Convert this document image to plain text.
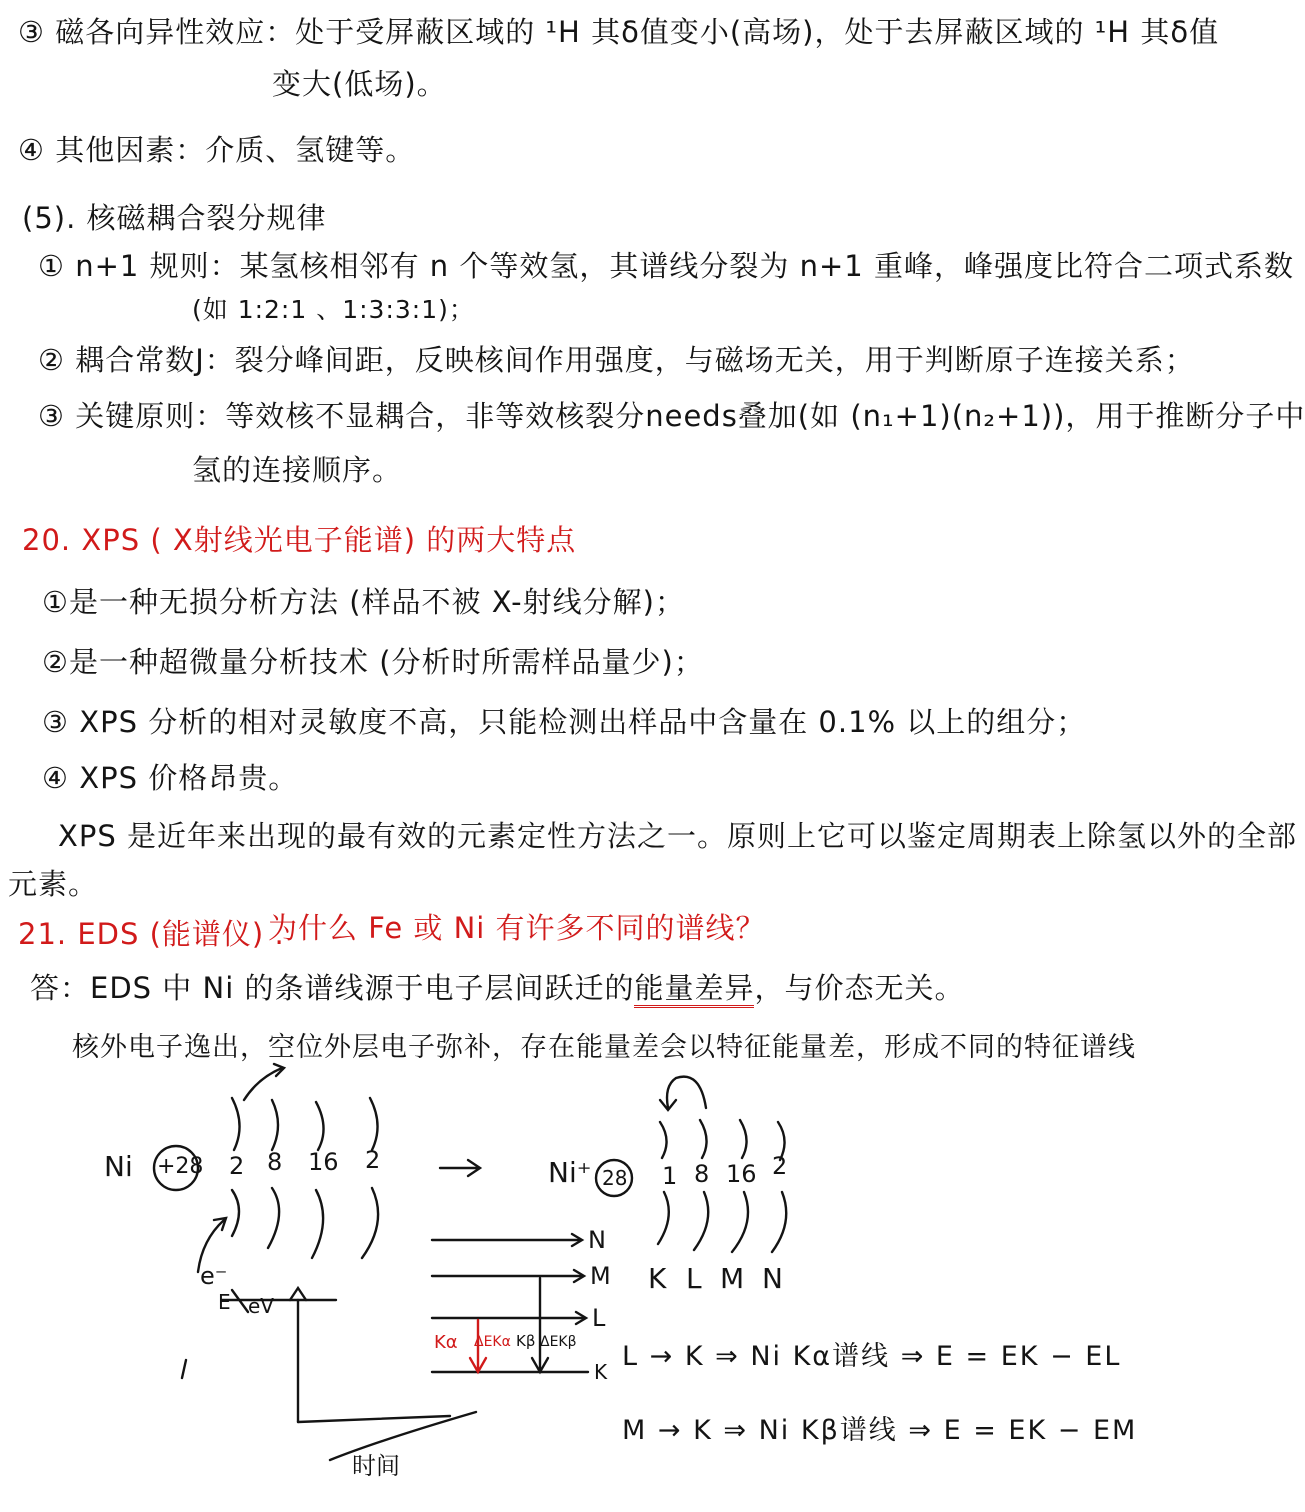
③ 磁各向异性效应：处于受屏蔽区域的 ¹H 其δ值变小(高场)，处于去屏蔽区域的 ¹H 其δ值
变大(低场)。
④ 其他因素：介质、氢键等。
(5). 核磁耦合裂分规律
① n+1 规则：某氢核相邻有 n 个等效氢，其谱线分裂为 n+1 重峰，峰强度比符合二项式系数
(如 1:2:1 、1:3:3:1)；
② 耦合常数J：裂分峰间距，反映核间作用强度，与磁场无关，用于判断原子连接关系；
③ 关键原则：等效核不显耦合，非等效核裂分needs叠加(如 (n₁+1)(n₂+1))，用于推断分子中
氢的连接顺序。
20. XPS ( X射线光电子能谱) 的两大特点
①是一种无损分析方法 (样品不被 X-射线分解)；
②是一种超微量分析技术 (分析时所需样品量少)；
③ XPS 分析的相对灵敏度不高，只能检测出样品中含量在 0.1% 以上的组分；
④ XPS 价格昂贵。
XPS 是近年来出现的最有效的元素定性方法之一。原则上它可以鉴定周期表上除氢以外的全部
元素。
21. EDS (能谱仪) .
为什么 Fe 或 Ni 有许多不同的谱线？
答：EDS 中 Ni 的条谱线源于电子层间跃迁的能量差异，与价态无关。
核外电子逸出，空位外层电子弥补，存在能量差会以特征能量差，形成不同的特征谱线
Ni +28 2 8 16 2	Ni⁺ 28 1 8 16 2
K L M N
N
M
L
K
e⁻
E eV
Kα ΔEKα Kβ ΔEKβ
时间
L → K ⇒ Ni Kα谱线 ⇒ E = EK − EL
M → K ⇒ Ni Kβ谱线 ⇒ E = EK − EM
